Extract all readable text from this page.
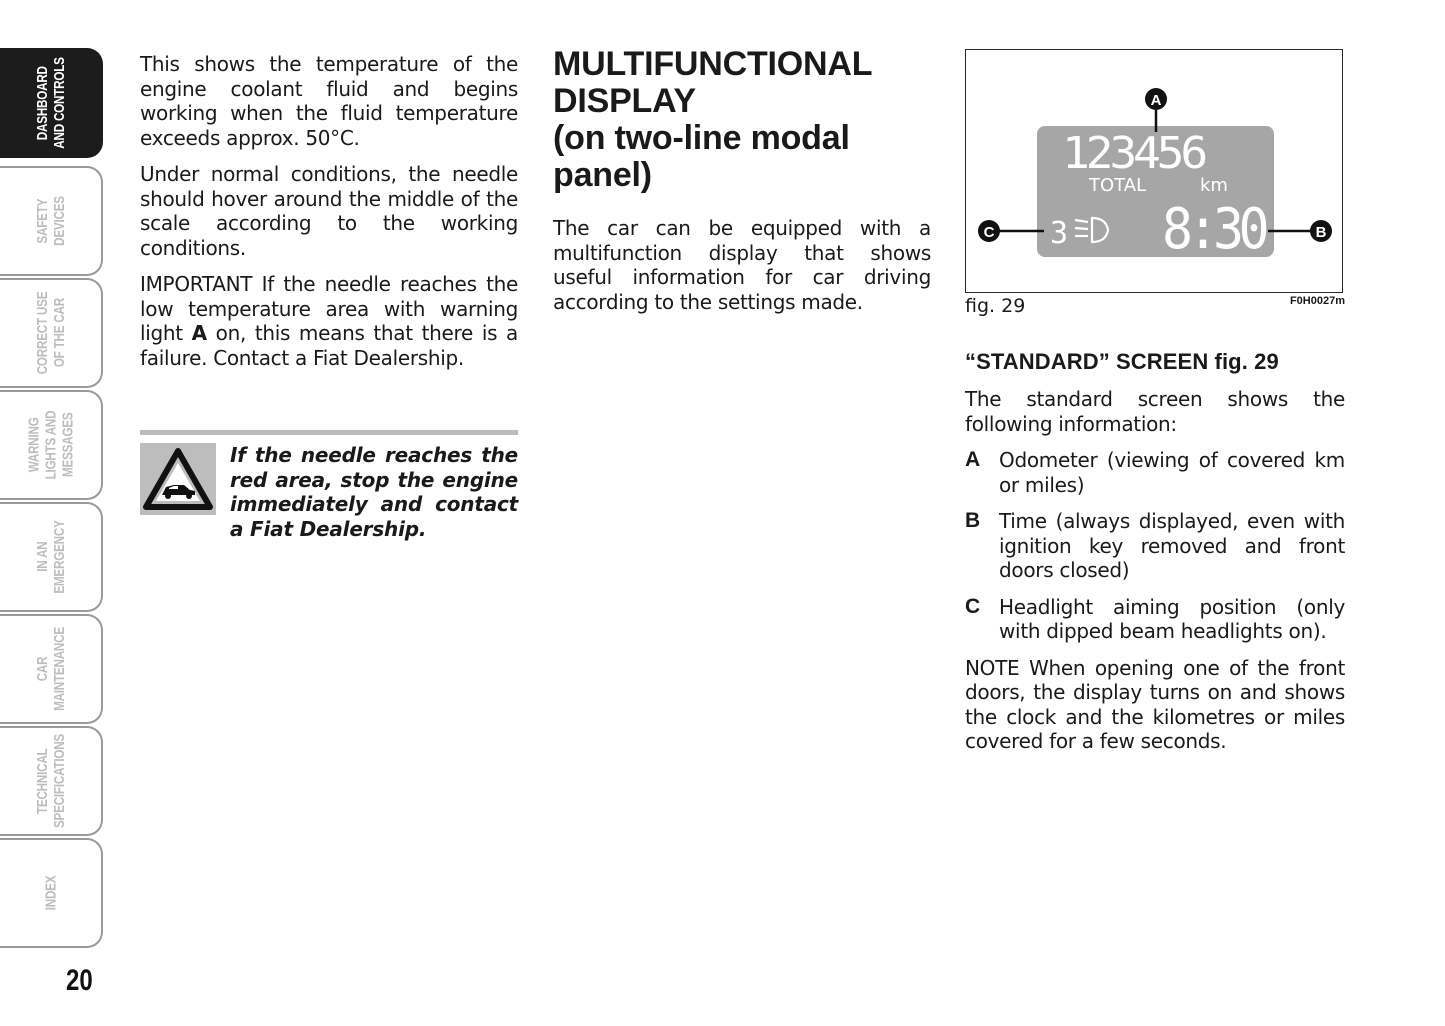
DASHBOARD AND CONTROLS
SAFETY DEVICES
CORRECT USE OF THE CAR
WARNING LIGHTS AND MESSAGES
IN AN EMERGENCY
CAR MAINTENANCE
TECHNICAL SPECIFICATIONS
INDEX
20

This shows the temperature of the engine coolant fluid and begins working when the fluid temperature exceeds approx. 50°C.

Under normal conditions, the needle should hover around the middle of the scale according to the working conditions.

IMPORTANT If the needle reaches the low temperature area with warning light A on, this means that there is a failure. Contact a Fiat Dealership.

If the needle reaches the red area, stop the engine immediately and contact a Fiat Dealership.
MULTIFUNCTIONAL
DISPLAY
(on two-line modal
panel)

The car can be equipped with a multifunction display that shows useful information for car driving according to the settings made.

A
B
C
123456
TOTAL	km
3 8:30
fig. 29	F0H0027m
“STANDARD” SCREEN fig. 29

The standard screen shows the following information:

A Odometer (viewing of covered km or miles)
B Time (always displayed, even with ignition key removed and front doors closed)
C Headlight aiming position (only with dipped beam headlights on).

NOTE When opening one of the front doors, the display turns on and shows the clock and the kilometres or miles covered for a few seconds.
